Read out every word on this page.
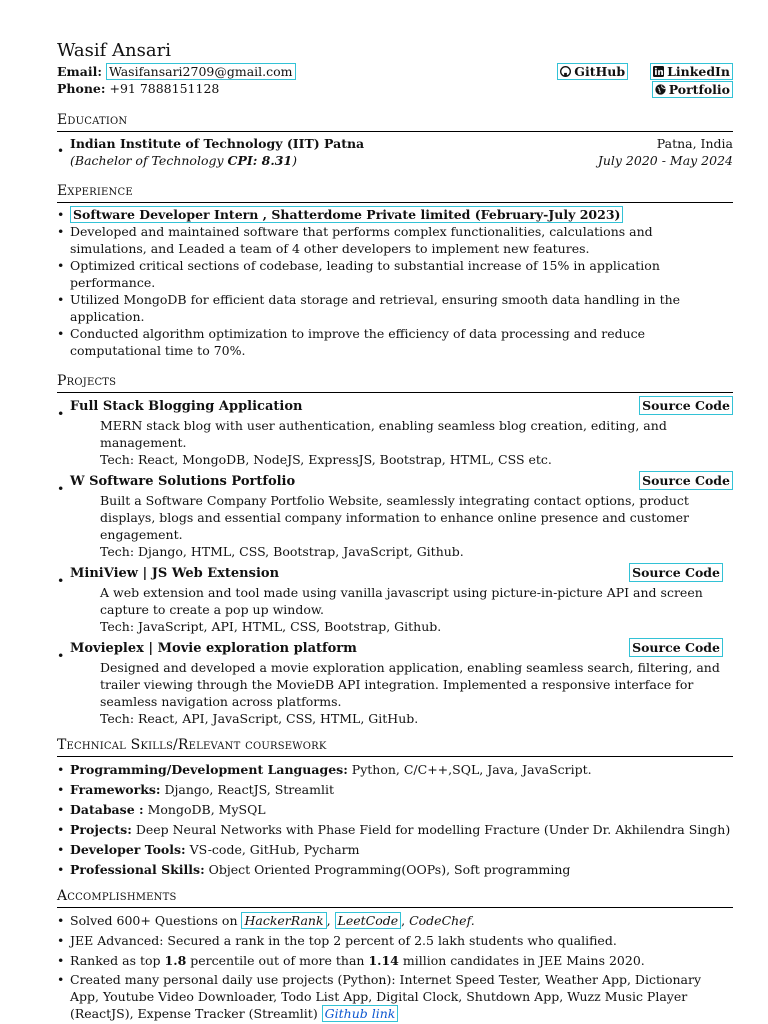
Wasif Ansari
Email: Wasifansari2709@gmail.com
Phone: +91 7888151128
GitHub	LinkedIn
Portfolio
Education
• Indian Institute of Technology (IIT) Patna	Patna, India
(Bachelor of Technology CPI: 8.31)	July 2020 - May 2024
Experience
• Software Developer Intern , Shatterdome Private limited (February-July 2023)
• Developed and maintained software that performs complex functionalities, calculations and simulations, and Leaded a team of 4 other developers to implement new features.
• Optimized critical sections of codebase, leading to substantial increase of 15% in application performance.
• Utilized MongoDB for efficient data storage and retrieval, ensuring smooth data handling in the application.
• Conducted algorithm optimization to improve the efficiency of data processing and reduce computational time to 70%.
Projects
• Full Stack Blogging Application	Source Code
MERN stack blog with user authentication, enabling seamless blog creation, editing, and management.
Tech: React, MongoDB, NodeJS, ExpressJS, Bootstrap, HTML, CSS etc.
• W Software Solutions Portfolio	Source Code
Built a Software Company Portfolio Website, seamlessly integrating contact options, product displays, blogs and essential company information to enhance online presence and customer engagement.
Tech: Django, HTML, CSS, Bootstrap, JavaScript, Github.
• MiniView | JS Web Extension	Source Code
A web extension and tool made using vanilla javascript using picture-in-picture API and screen capture to create a pop up window.
Tech: JavaScript, API, HTML, CSS, Bootstrap, Github.
• Movieplex | Movie exploration platform	Source Code
Designed and developed a movie exploration application, enabling seamless search, filtering, and trailer viewing through the MovieDB API integration. Implemented a responsive interface for seamless navigation across platforms.
Tech: React, API, JavaScript, CSS, HTML, GitHub.
Technical Skills/Relevant coursework
• Programming/Development Languages: Python, C/C++,SQL, Java, JavaScript.
• Frameworks: Django, ReactJS, Streamlit
• Database : MongoDB, MySQL
• Projects: Deep Neural Networks with Phase Field for modelling Fracture (Under Dr. Akhilendra Singh)
• Developer Tools: VS-code, GitHub, Pycharm
• Professional Skills: Object Oriented Programming(OOPs), Soft programming
Accomplishments
• Solved 600+ Questions on HackerRank , LeetCode , CodeChef.
• JEE Advanced: Secured a rank in the top 2 percent of 2.5 lakh students who qualified.
• Ranked as top 1.8 percentile out of more than 1.14 million candidates in JEE Mains 2020.
• Created many personal daily use projects (Python): Internet Speed Tester, Weather App, Dictionary App, Youtube Video Downloader, Todo List App, Digital Clock, Shutdown App, Wuzz Music Player (ReactJS), Expense Tracker (Streamlit) Github link
